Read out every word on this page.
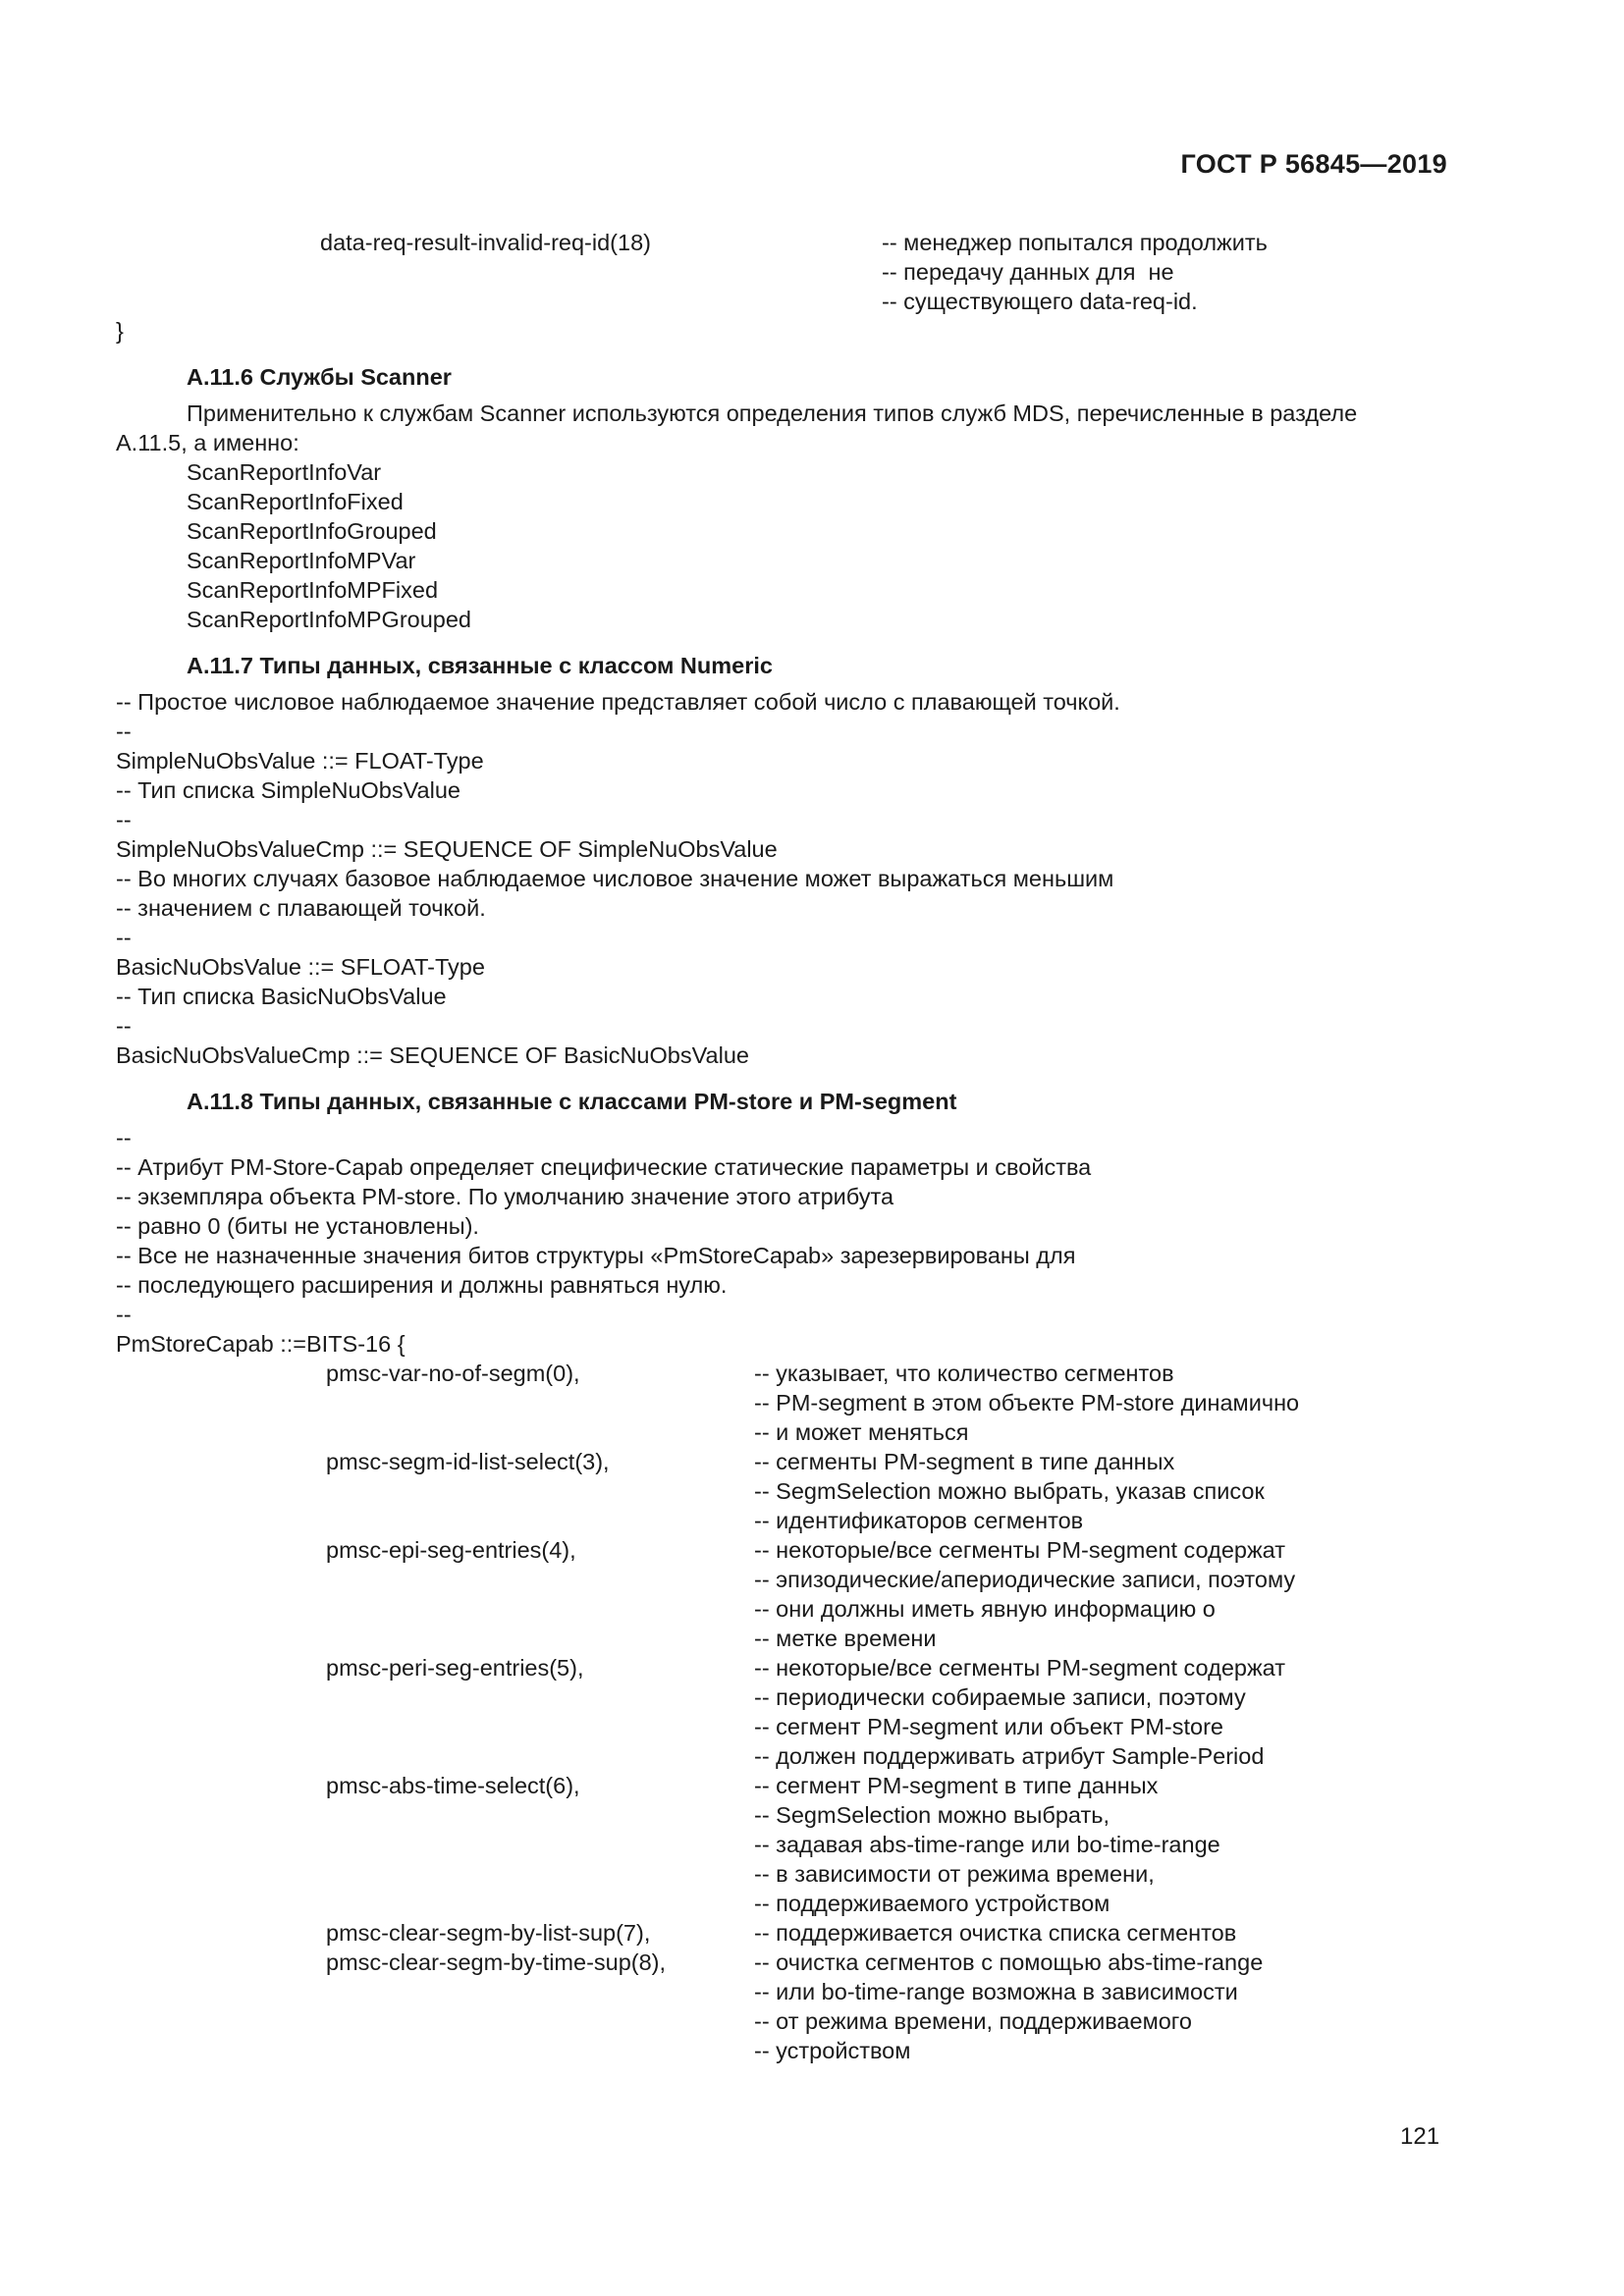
ГОСТ Р 56845—2019
121
data-req-result-invalid-req-id(18)	-- менеджер попытался продолжить
-- передачу данных для  не
-- существующего data-req-id.
}
А.11.6 Службы Scanner
Применительно к службам Scanner используются определения типов служб MDS, перечисленные в разделе
А.11.5, а именно:
ScanReportInfoVar
ScanReportInfoFixed
ScanReportInfoGrouped
ScanReportInfoMPVar
ScanReportInfoMPFixed
ScanReportInfoMPGrouped
А.11.7 Типы данных, связанные с классом Numeric
-- Простое числовое наблюдаемое значение представляет собой число с плавающей точкой.
--
SimpleNuObsValue ::= FLOAT-Type
-- Тип списка SimpleNuObsValue
--
SimpleNuObsValueCmp ::= SEQUENCE OF SimpleNuObsValue
-- Во многих случаях базовое наблюдаемое числовое значение может выражаться меньшим
-- значением с плавающей точкой.
--
BasicNuObsValue ::= SFLOAT-Type
-- Тип списка BasicNuObsValue
--
BasicNuObsValueCmp ::= SEQUENCE OF BasicNuObsValue
А.11.8 Типы данных, связанные с классами PM-store и PM-segment
--
-- Атрибут PM-Store-Capab определяет специфические статические параметры и свойства
-- экземпляра объекта PM-store. По умолчанию значение этого атрибута
-- равно 0 (биты не установлены).
-- Все не назначенные значения битов структуры «PmStoreCapab» зарезервированы для
-- последующего расширения и должны равняться нулю.
--
PmStoreCapab ::=BITS-16 {
pmsc-var-no-of-segm(0),	-- указывает, что количество сегментов
-- PM-segment в этом объекте PM-store динамично
-- и может меняться
pmsc-segm-id-list-select(3),	-- сегменты PM-segment в типе данных
-- SegmSelection можно выбрать, указав список
-- идентификаторов сегментов
pmsc-epi-seg-entries(4),	-- некоторые/все сегменты PM-segment содержат
-- эпизодические/апериодические записи, поэтому
-- они должны иметь явную информацию о
-- метке времени
pmsc-peri-seg-entries(5),	-- некоторые/все сегменты PM-segment содержат
-- периодически собираемые записи, поэтому
-- сегмент PM-segment или объект PM-store
-- должен поддерживать атрибут Sample-Period
pmsc-abs-time-select(6),	-- сегмент PM-segment в типе данных
-- SegmSelection можно выбрать,
-- задавая abs-time-range или bo-time-range
-- в зависимости от режима времени,
-- поддерживаемого устройством
pmsc-clear-segm-by-list-sup(7),	-- поддерживается очистка списка сегментов
pmsc-clear-segm-by-time-sup(8),	-- очистка сегментов с помощью abs-time-range
-- или bo-time-range возможна в зависимости
-- от режима времени, поддерживаемого
-- устройством
